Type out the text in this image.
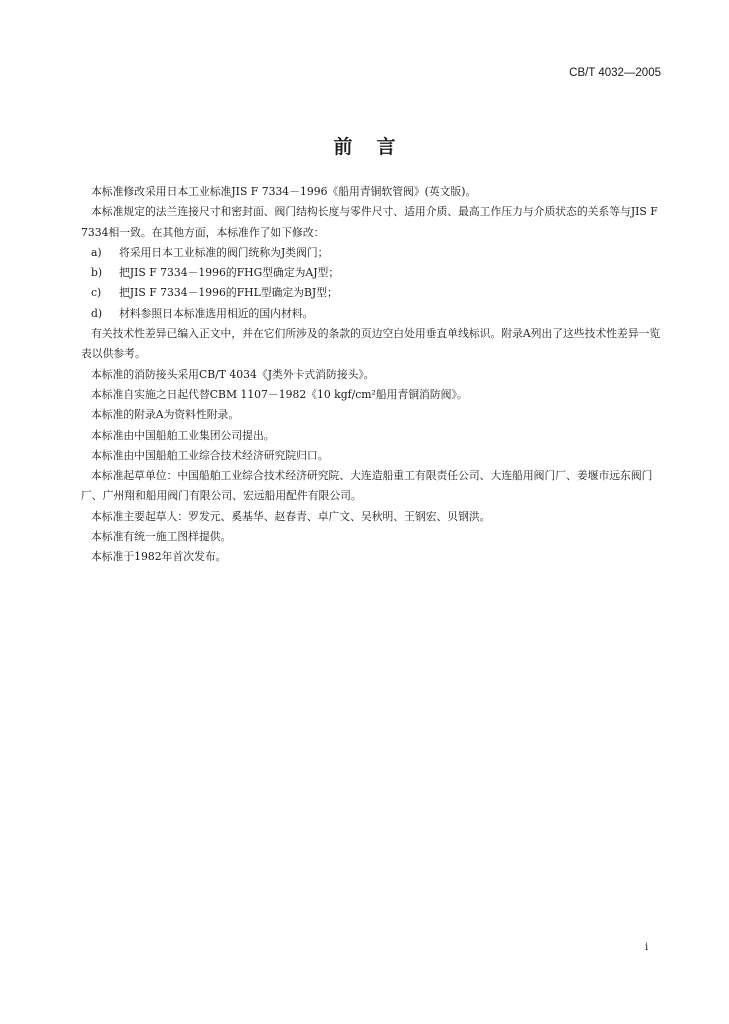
CB/T 4032—2005
前言

本标准修改采用日本工业标准JIS F 7334－1996《船用青铜软管阀》(英文版)。

本标准规定的法兰连接尺寸和密封面、阀门结构长度与零件尺寸、适用介质、最高工作压力与介质状态的关系等与JIS F 7334相一致。在其他方面，本标准作了如下修改：

a) 将采用日本工业标准的阀门统称为J类阀门；

b) 把JIS F 7334－1996的FHG型确定为AJ型；

c) 把JIS F 7334－1996的FHL型确定为BJ型；

d) 材料参照日本标准选用相近的国内材料。

有关技术性差异已编入正文中，并在它们所涉及的条款的页边空白处用垂直单线标识。附录A列出了这些技术性差异一览表以供参考。

本标准的消防接头采用CB/T 4034《J类外卡式消防接头》。

本标准自实施之日起代替CBM 1107－1982《10 kgf/cm²船用青铜消防阀》。

本标准的附录A为资料性附录。

本标准由中国船舶工业集团公司提出。

本标准由中国船舶工业综合技术经济研究院归口。

本标准起草单位：中国船舶工业综合技术经济研究院、大连造船重工有限责任公司、大连船用阀门厂、姜堰市远东阀门厂、广州翔和船用阀门有限公司、宏远船用配件有限公司。

本标准主要起草人：罗发元、奚基华、赵春青、卓广文、吴秋明、王钢宏、贝钢洪。

本标准有统一施工图样提供。

本标准于1982年首次发布。

i
